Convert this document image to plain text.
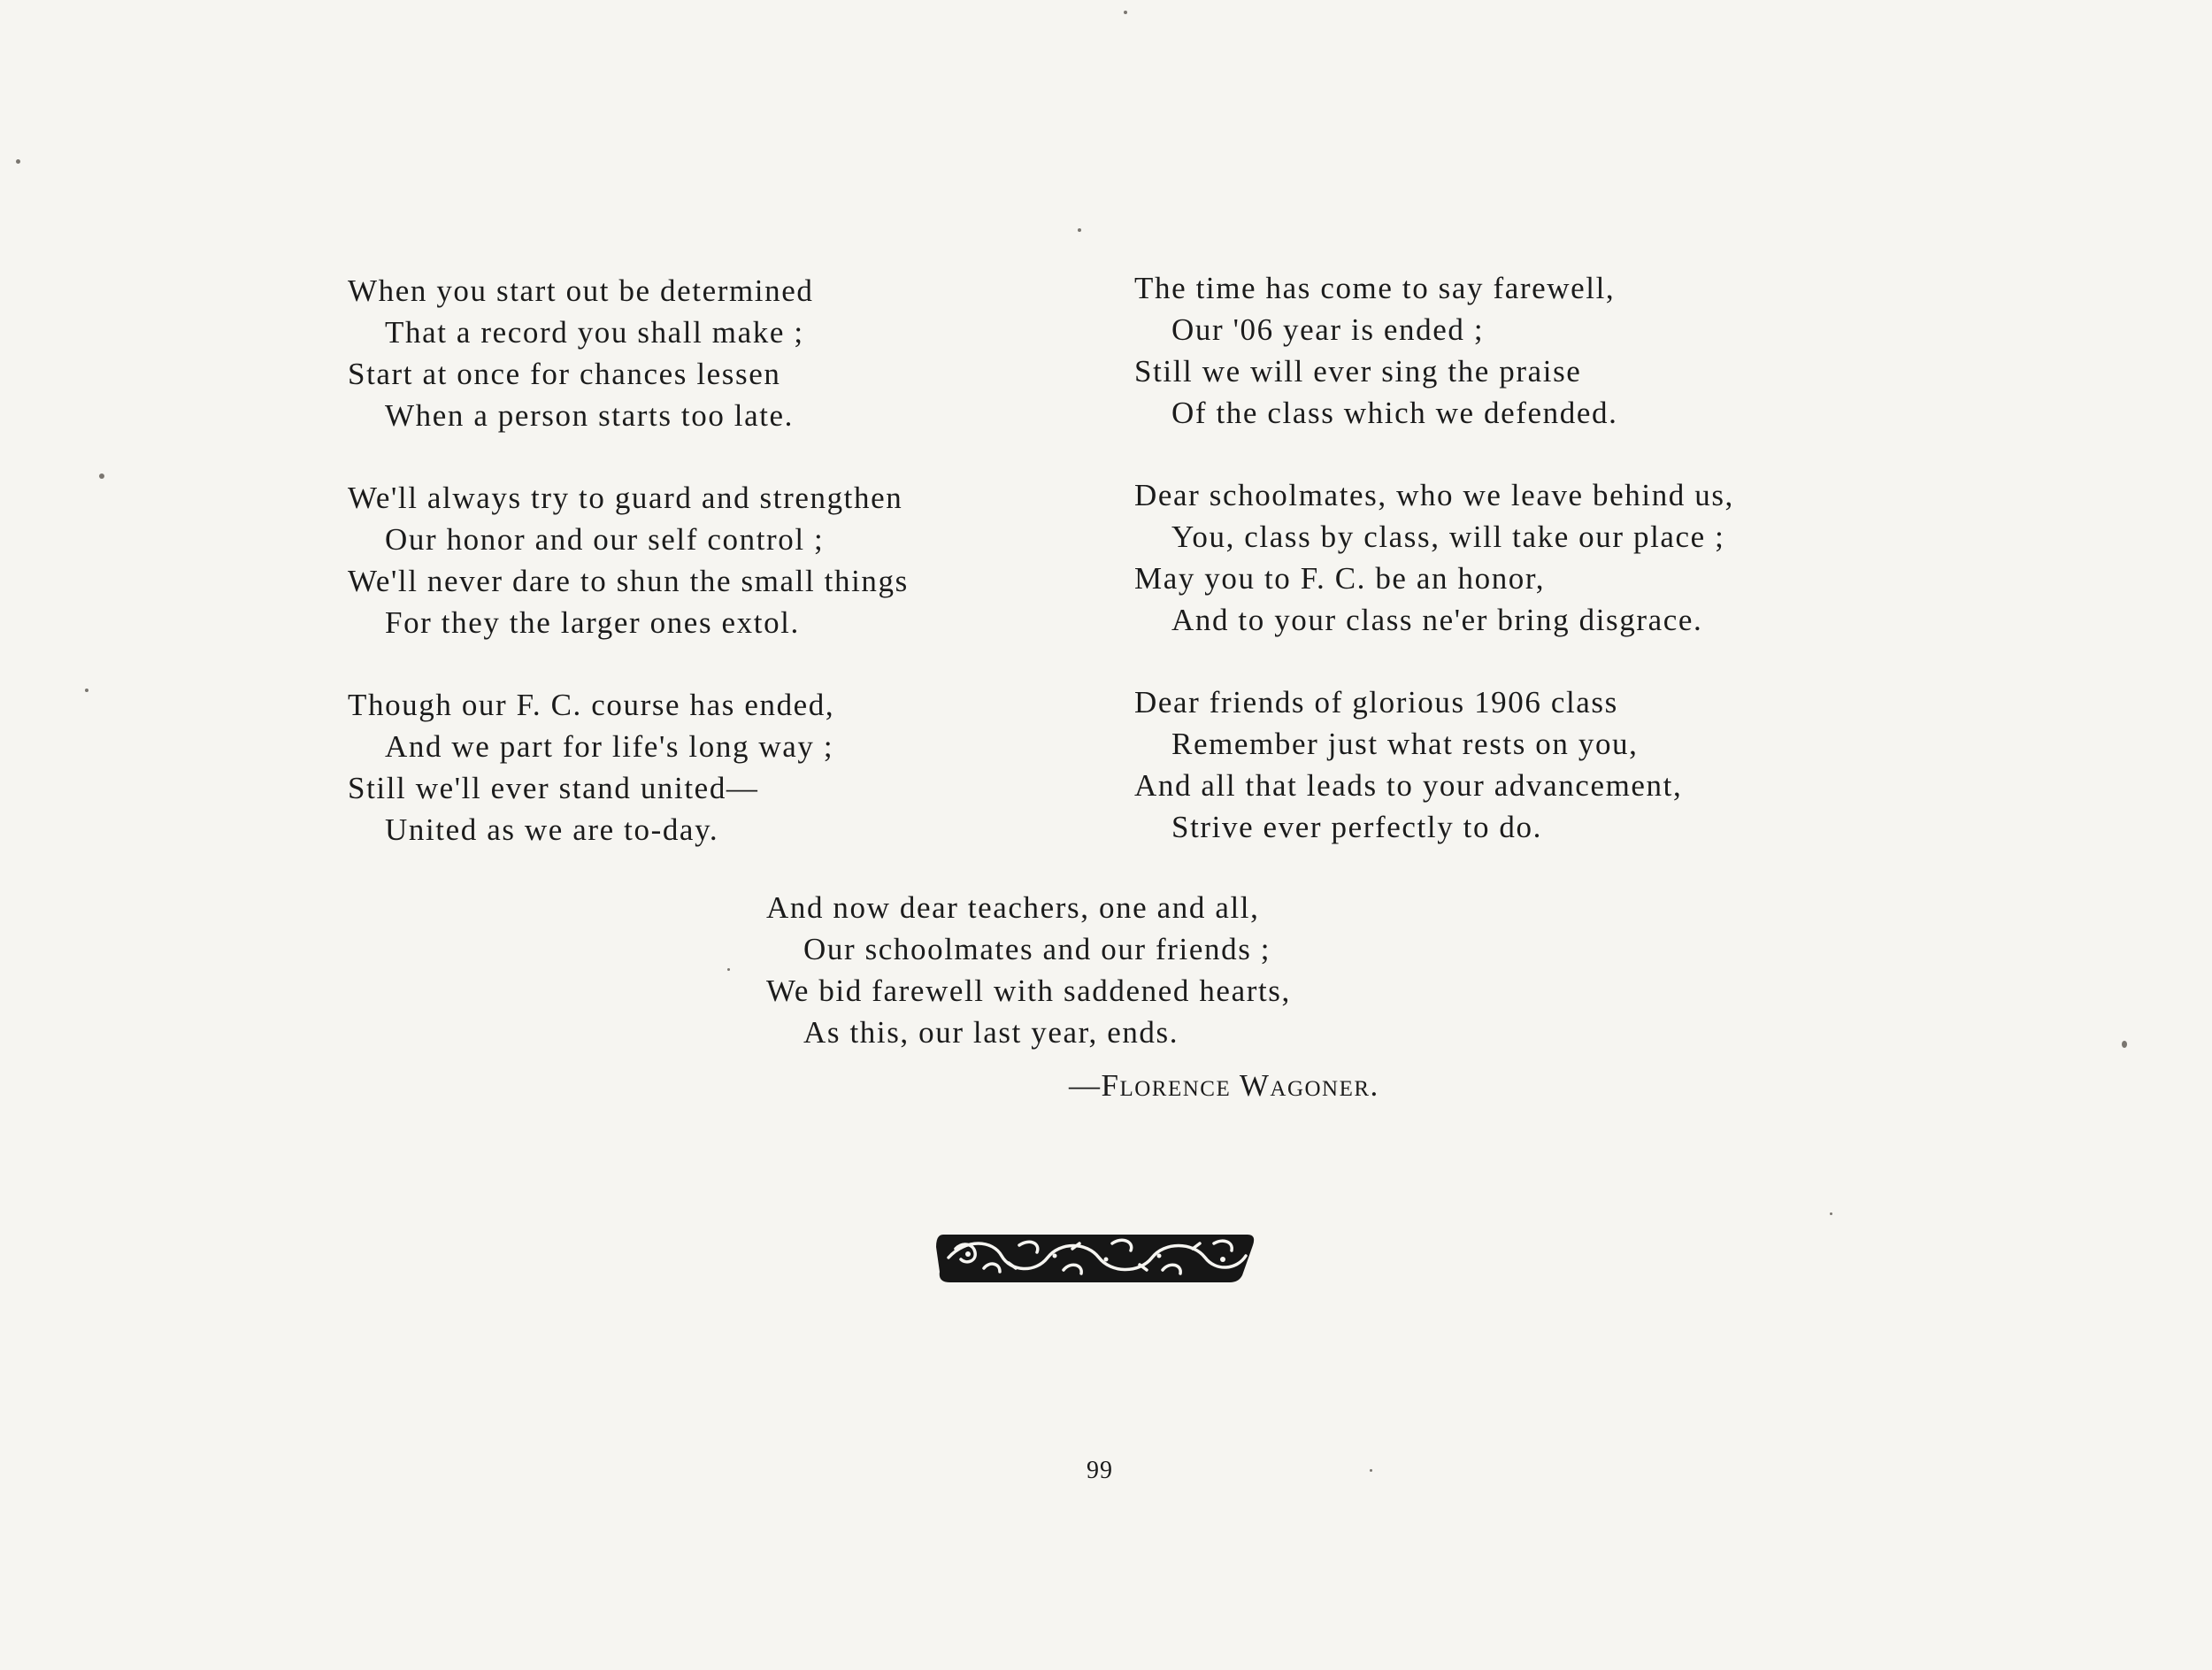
When you start out be determined
That a record you shall make ;
Start at once for chances lessen
When a person starts too late.
We'll always try to guard and strengthen
Our honor and our self control ;
We'll never dare to shun the small things
For they the larger ones extol.
Though our F. C. course has ended,
And we part for life's long way ;
Still we'll ever stand united—
United as we are to-day.
The time has come to say farewell,
Our '06 year is ended ;
Still we will ever sing the praise
Of the class which we defended.
Dear schoolmates, who we leave behind us,
You, class by class, will take our place ;
May you to F. C. be an honor,
And to your class ne'er bring disgrace.
Dear friends of glorious 1906 class
Remember just what rests on you,
And all that leads to your advancement,
Strive ever perfectly to do.
And now dear teachers, one and all,
Our schoolmates and our friends ;
We bid farewell with saddened hearts,
As this, our last year, ends.
—Florence Wagoner.
99
